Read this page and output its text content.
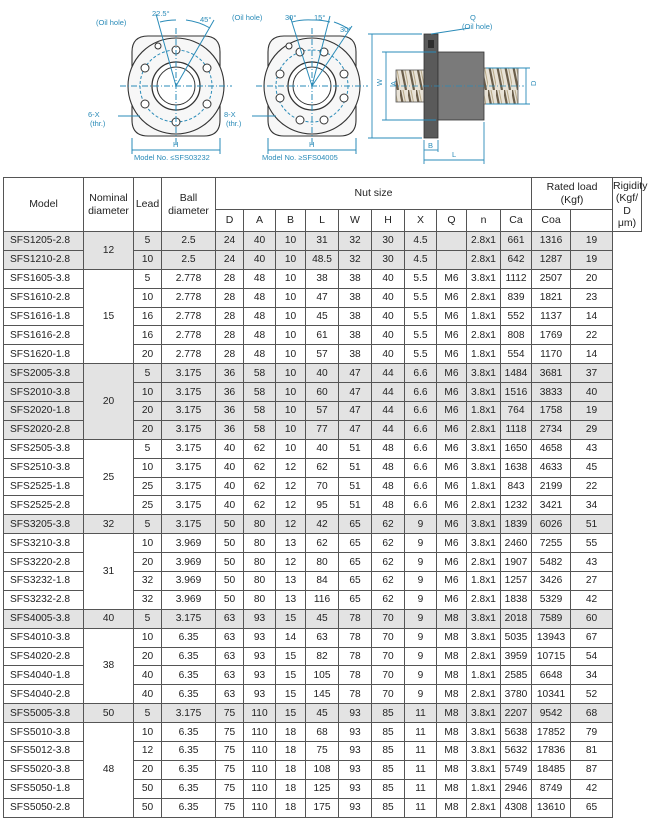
(Oil hole)
22.5°
45°
6-X
(thr.)
H
Model No. ≤SFS03232
(Oil hole)	30° 15°
30°
8-X
(thr.)
H
Model No. ≥SFS04005
Q
(Oil hole)
W A	D
B
L
Model	Nominal diameter	Lead	Ball diameter	Nut size										Rated load (Kgf)		Rigidity (Kgf/ D μm)
				D	A	B	L	W	H	X	Q	n	Ca	Coa		
SFS1205-2.8	12	5	2.5	24	40	10	31	32	30	4.5		2.8x1	661	1316	19	
SFS1210-2.8		10	2.5	24	40	10	48.5	32	30	4.5		2.8x1	642	1287	19	
SFS1605-3.8	15	5	2.778	28	48	10	38	38	40	5.5	M6	3.8x1	1112	2507	20	
SFS1610-2.8		10	2.778	28	48	10	47	38	40	5.5	M6	2.8x1	839	1821	23	
SFS1616-1.8		16	2.778	28	48	10	45	38	40	5.5	M6	1.8x1	552	1137	14	
SFS1616-2.8		16	2.778	28	48	10	61	38	40	5.5	M6	2.8x1	808	1769	22	
SFS1620-1.8		20	2.778	28	48	10	57	38	40	5.5	M6	1.8x1	554	1170	14	
SFS2005-3.8	20	5	3.175	36	58	10	40	47	44	6.6	M6	3.8x1	1484	3681	37	
SFS2010-3.8		10	3.175	36	58	10	60	47	44	6.6	M6	3.8x1	1516	3833	40	
SFS2020-1.8		20	3.175	36	58	10	57	47	44	6.6	M6	1.8x1	764	1758	19	
SFS2020-2.8		20	3.175	36	58	10	77	47	44	6.6	M6	2.8x1	1118	2734	29	
SFS2505-3.8	25	5	3.175	40	62	10	40	51	48	6.6	M6	3.8x1	1650	4658	43	
SFS2510-3.8		10	3.175	40	62	12	62	51	48	6.6	M6	3.8x1	1638	4633	45	
SFS2525-1.8		25	3.175	40	62	12	70	51	48	6.6	M6	1.8x1	843	2199	22	
SFS2525-2.8		25	3.175	40	62	12	95	51	48	6.6	M6	2.8x1	1232	3421	34	
SFS3205-3.8	32	5	3.175	50	80	12	42	65	62	9	M6	3.8x1	1839	6026	51	
SFS3210-3.8	31	10	3.969	50	80	13	62	65	62	9	M6	3.8x1	2460	7255	55	
SFS3220-2.8		20	3.969	50	80	12	80	65	62	9	M6	2.8x1	1907	5482	43	
SFS3232-1.8		32	3.969	50	80	13	84	65	62	9	M6	1.8x1	1257	3426	27	
SFS3232-2.8		32	3.969	50	80	13	116	65	62	9	M6	2.8x1	1838	5329	42	
SFS4005-3.8	40	5	3.175	63	93	15	45	78	70	9	M8	3.8x1	2018	7589	60	
SFS4010-3.8	38	10	6.35	63	93	14	63	78	70	9	M8	3.8x1	5035	13943	67	
SFS4020-2.8		20	6.35	63	93	15	82	78	70	9	M8	2.8x1	3959	10715	54	
SFS4040-1.8		40	6.35	63	93	15	105	78	70	9	M8	1.8x1	2585	6648	34	
SFS4040-2.8		40	6.35	63	93	15	145	78	70	9	M8	2.8x1	3780	10341	52	
SFS5005-3.8	50	5	3.175	75	110	15	45	93	85	11	M8	3.8x1	2207	9542	68	
SFS5010-3.8	48	10	6.35	75	110	18	68	93	85	11	M8	3.8x1	5638	17852	79	
SFS5012-3.8		12	6.35	75	110	18	75	93	85	11	M8	3.8x1	5632	17836	81	
SFS5020-3.8		20	6.35	75	110	18	108	93	85	11	M8	3.8x1	5749	18485	87	
SFS5050-1.8		50	6.35	75	110	18	125	93	85	11	M8	1.8x1	2946	8749	42	
SFS5050-2.8		50	6.35	75	110	18	175	93	85	11	M8	2.8x1	4308	13610	65	
